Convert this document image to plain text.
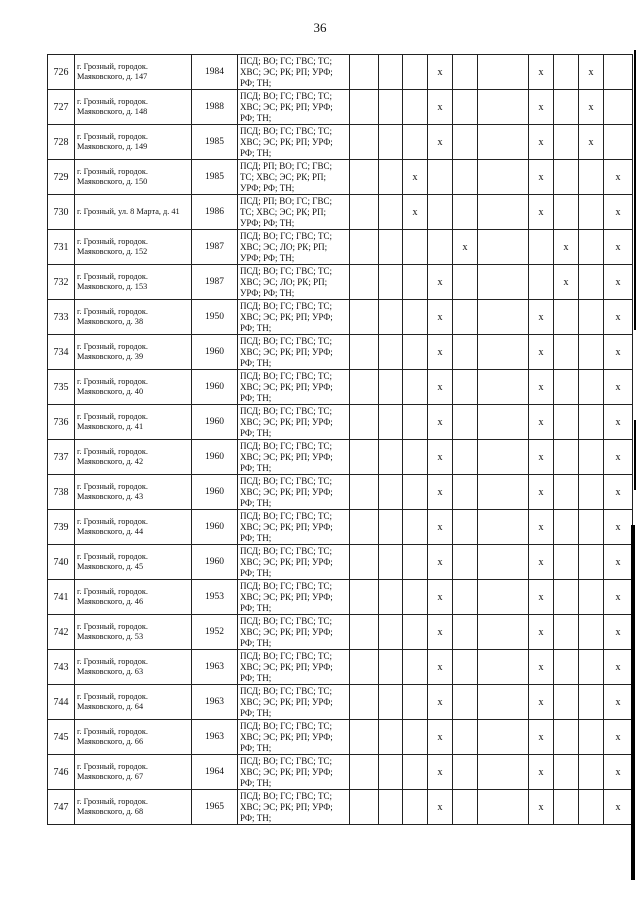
36
726	г. Грозный, городок. Маяковского, д. 147	1984	ПСД; ВО; ГС; ГВС; ТС;
ХВС; ЭС; РК; РП; УРФ;
РФ; ТН;				x			x		x	
727	г. Грозный, городок. Маяковского, д. 148	1988	ПСД; ВО; ГС; ГВС; ТС;
ХВС; ЭС; РК; РП; УРФ;
РФ; ТН;				x			x		x	
728	г. Грозный, городок. Маяковского, д. 149	1985	ПСД; ВО; ГС; ГВС; ТС;
ХВС; ЭС; РК; РП; УРФ;
РФ; ТН;				x			x		x	
729	г. Грозный, городок. Маяковского, д. 150	1985	ПСД; РП; ВО; ГС; ГВС;
ТС; ХВС; ЭС; РК; РП;
УРФ; РФ; ТН;			x				x			x
730	г. Грозный, ул. 8 Марта, д. 41	1986	ПСД; РП; ВО; ГС; ГВС;
ТС; ХВС; ЭС; РК; РП;
УРФ; РФ; ТН;			x				x			x
731	г. Грозный, городок. Маяковского, д. 152	1987	ПСД; ВО; ГС; ГВС; ТС;
ХВС; ЭС; ЛО; РК; РП;
УРФ; РФ; ТН;					x			x		x
732	г. Грозный, городок. Маяковского, д. 153	1987	ПСД; ВО; ГС; ГВС; ТС;
ХВС; ЭС; ЛО; РК; РП;
УРФ; РФ; ТН;				x				x		x
733	г. Грозный, городок. Маяковского, д. 38	1950	ПСД; ВО; ГС; ГВС; ТС;
ХВС; ЭС; РК; РП; УРФ;
РФ; ТН;				x			x			x
734	г. Грозный, городок. Маяковского, д. 39	1960	ПСД; ВО; ГС; ГВС; ТС;
ХВС; ЭС; РК; РП; УРФ;
РФ; ТН;				x			x			x
735	г. Грозный, городок. Маяковского, д. 40	1960	ПСД; ВО; ГС; ГВС; ТС;
ХВС; ЭС; РК; РП; УРФ;
РФ; ТН;				x			x			x
736	г. Грозный, городок. Маяковского, д. 41	1960	ПСД; ВО; ГС; ГВС; ТС;
ХВС; ЭС; РК; РП; УРФ;
РФ; ТН;				x			x			x
737	г. Грозный, городок. Маяковского, д. 42	1960	ПСД; ВО; ГС; ГВС; ТС;
ХВС; ЭС; РК; РП; УРФ;
РФ; ТН;				x			x			x
738	г. Грозный, городок. Маяковского, д. 43	1960	ПСД; ВО; ГС; ГВС; ТС;
ХВС; ЭС; РК; РП; УРФ;
РФ; ТН;				x			x			x
739	г. Грозный, городок. Маяковского, д. 44	1960	ПСД; ВО; ГС; ГВС; ТС;
ХВС; ЭС; РК; РП; УРФ;
РФ; ТН;				x			x			x
740	г. Грозный, городок. Маяковского, д. 45	1960	ПСД; ВО; ГС; ГВС; ТС;
ХВС; ЭС; РК; РП; УРФ;
РФ; ТН;				x			x			x
741	г. Грозный, городок. Маяковского, д. 46	1953	ПСД; ВО; ГС; ГВС; ТС;
ХВС; ЭС; РК; РП; УРФ;
РФ; ТН;				x			x			x
742	г. Грозный, городок. Маяковского, д. 53	1952	ПСД; ВО; ГС; ГВС; ТС;
ХВС; ЭС; РК; РП; УРФ;
РФ; ТН;				x			x			x
743	г. Грозный, городок. Маяковского, д. 63	1963	ПСД; ВО; ГС; ГВС; ТС;
ХВС; ЭС; РК; РП; УРФ;
РФ; ТН;				x			x			x
744	г. Грозный, городок. Маяковского, д. 64	1963	ПСД; ВО; ГС; ГВС; ТС;
ХВС; ЭС; РК; РП; УРФ;
РФ; ТН;				x			x			x
745	г. Грозный, городок. Маяковского, д. 66	1963	ПСД; ВО; ГС; ГВС; ТС;
ХВС; ЭС; РК; РП; УРФ;
РФ; ТН;				x			x			x
746	г. Грозный, городок. Маяковского, д. 67	1964	ПСД; ВО; ГС; ГВС; ТС;
ХВС; ЭС; РК; РП; УРФ;
РФ; ТН;				x			x			x
747	г. Грозный, городок. Маяковского, д. 68	1965	ПСД; ВО; ГС; ГВС; ТС;
ХВС; ЭС; РК; РП; УРФ;
РФ; ТН;				x			x			x
